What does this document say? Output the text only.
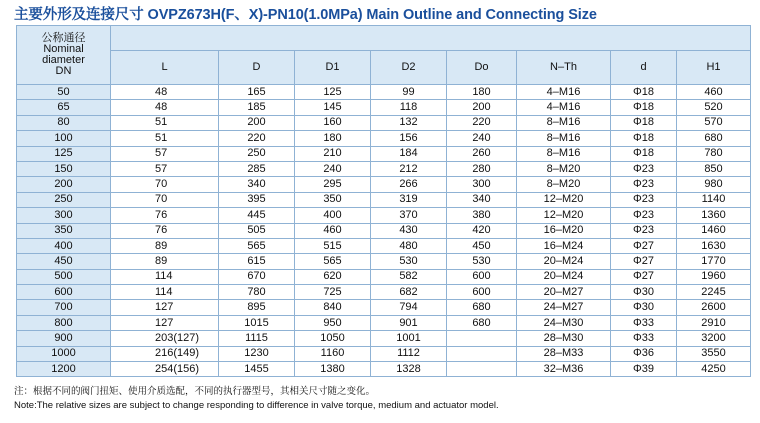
主要外形及连接尺寸 OVPZ673H(F、X)-PN10(1.0MPa) Main Outline and Connecting Size
公称通径
Nominal
diameter
DN								

	L	D	D1	D2	Do	N–Th	d	H1
50	48	165	125	99	180	4–M16	Φ18	460
65	48	185	145	118	200	4–M16	Φ18	520
80	51	200	160	132	220	8–M16	Φ18	570
100	51	220	180	156	240	8–M16	Φ18	680
125	57	250	210	184	260	8–M16	Φ18	780
150	57	285	240	212	280	8–M20	Φ23	850
200	70	340	295	266	300	8–M20	Φ23	980
250	70	395	350	319	340	12–M20	Φ23	1140
300	76	445	400	370	380	12–M20	Φ23	1360
350	76	505	460	430	420	16–M20	Φ23	1460
400	89	565	515	480	450	16–M24	Φ27	1630
450	89	615	565	530	530	20–M24	Φ27	1770
500	114	670	620	582	600	20–M24	Φ27	1960
600	114	780	725	682	600	20–M27	Φ30	2245
700	127	895	840	794	680	24–M27	Φ30	2600
800	127	1015	950	901	680	24–M30	Φ33	2910
900	203(127)	1115	1050	1001		28–M30	Φ33	3200
1000	216(149)	1230	1160	1112		28–M33	Φ36	3550
1200	254(156)	1455	1380	1328		32–M36	Φ39	4250
注：根据不同的阀门扭矩、使用介质选配，不同的执行器型号，其相关尺寸随之变化。
Note:The relative sizes are subject to change responding to difference in valve torque, medium and actuator model.
